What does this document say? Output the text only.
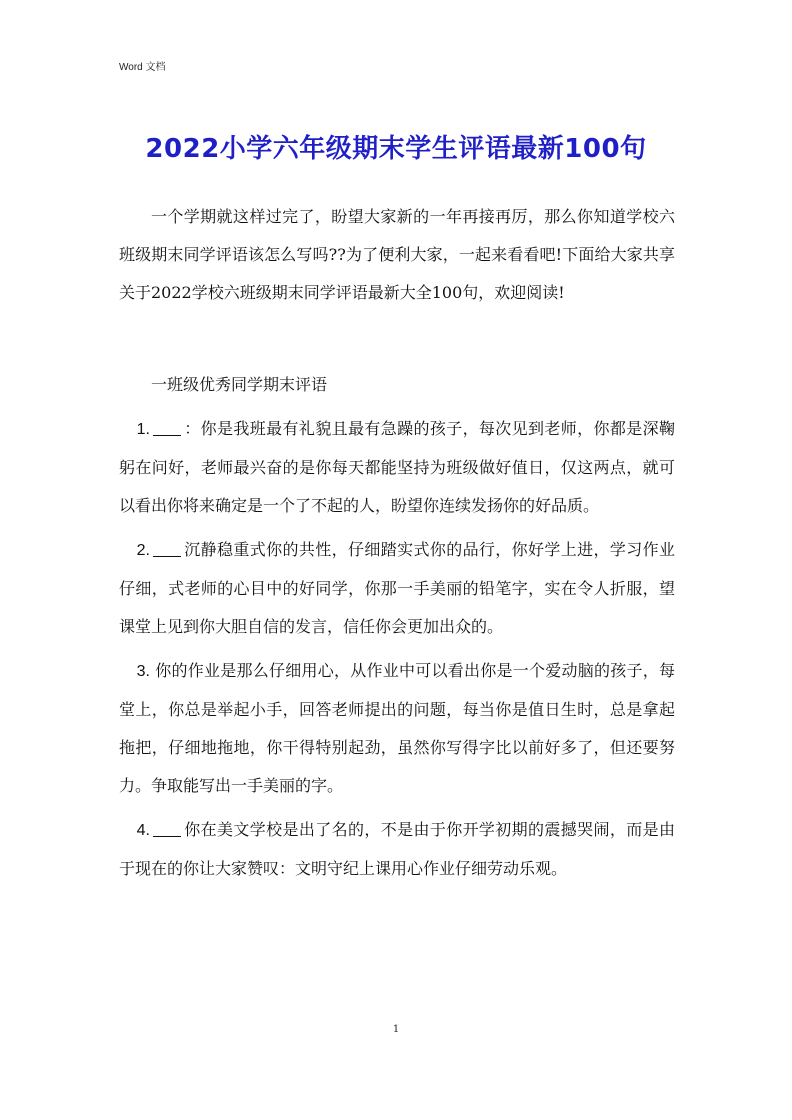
Word 文档
2022小学六年级期末学生评语最新100句

一个学期就这样过完了，盼望大家新的一年再接再厉，那么你知道学校六班级期末同学评语该怎么写吗??为了便利大家，一起来看看吧!下面给大家共享关于2022学校六班级期末同学评语最新大全100句，欢迎阅读!

一班级优秀同学期末评语

1. ：你是我班最有礼貌且最有急躁的孩子，每次见到老师，你都是深鞠躬在问好，老师最兴奋的是你每天都能坚持为班级做好值日，仅这两点，就可以看出你将来确定是一个了不起的人，盼望你连续发扬你的好品质。

2. 沉静稳重式你的共性，仔细踏实式你的品行，你好学上进，学习作业仔细，式老师的心目中的好同学，你那一手美丽的铅笔字，实在令人折服，望课堂上见到你大胆自信的发言，信任你会更加出众的。

3. 你的作业是那么仔细用心，从作业中可以看出你是一个爱动脑的孩子，每堂上，你总是举起小手，回答老师提出的问题，每当你是值日生时，总是拿起拖把，仔细地拖地，你干得特别起劲，虽然你写得字比以前好多了，但还要努力。争取能写出一手美丽的字。

4. 你在美文学校是出了名的，不是由于你开学初期的震撼哭闹，而是由于现在的你让大家赞叹：文明守纪上课用心作业仔细劳动乐观。

1
